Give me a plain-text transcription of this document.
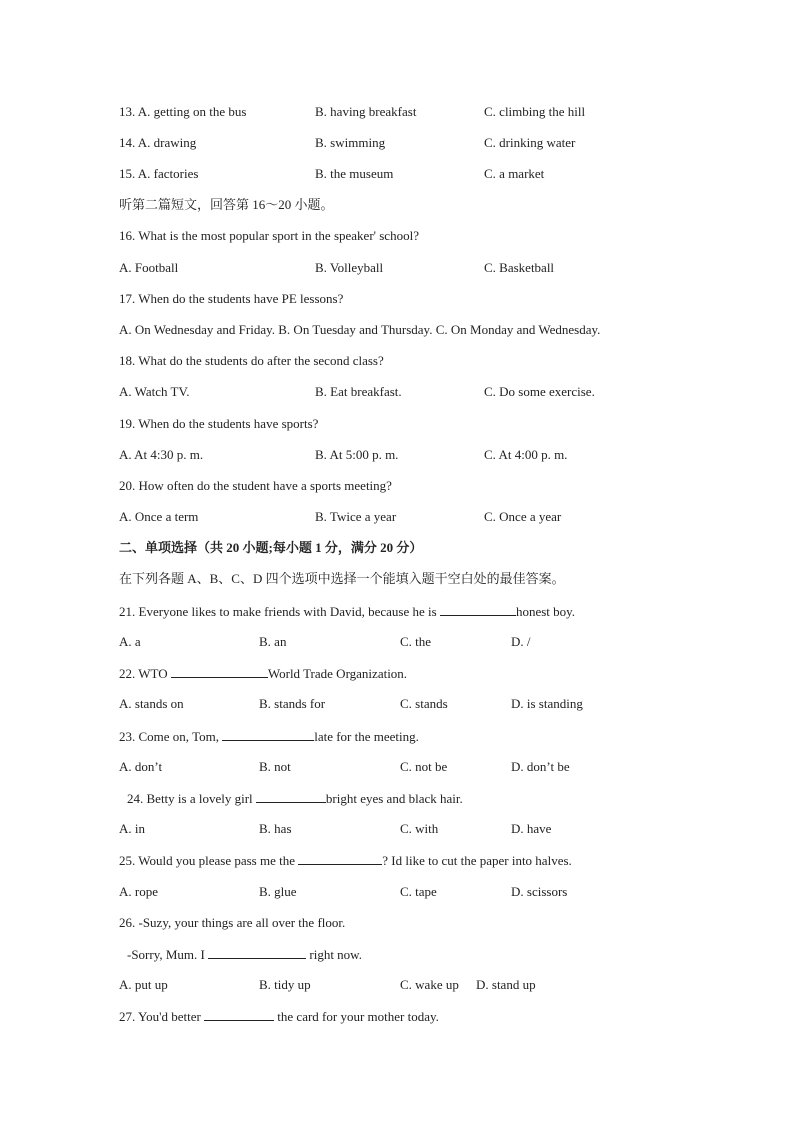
13. A. getting on the bus	B. having breakfast	C. climbing the hill
14. A. drawing	B. swimming	C. drinking water
15. A. factories	B. the museum	C. a market
听第二篇短文，回答第 16～20 小题。
16. What is the most popular sport in the speaker' school?
A. Football	B. Volleyball	C. Basketball
17. When do the students have PE lessons?
A. On Wednesday and Friday. B. On Tuesday and Thursday. C. On Monday and Wednesday.
18. What do the students do after the second class?
A. Watch TV.	B. Eat breakfast.	C. Do some exercise.
19. When do the students have sports?
A. At 4:30 p. m.	B. At 5:00 p. m.	C. At 4:00 p. m.
20. How often do the student have a sports meeting?
A. Once a term	B. Twice a year	C. Once a year
二、单项选择（共 20 小题;每小题 1 分，满分 20 分）
在下列各题 A、B、C、D 四个选项中选择一个能填入题干空白处的最佳答案。
21. Everyone likes to make friends with David, because he is	honest boy.
A. a	B. an	C. the	D. /
22. WTO	World Trade Organization.
A. stands on	B. stands for	C. stands	D. is standing
23. Come on, Tom,	late for the meeting.
A. don’t	B. not	C. not be	D. don’t be
24. Betty is a lovely girl	bright eyes and black hair.
A. in	B. has	C. with	D. have
25. Would you please pass me the	? Id like to cut the paper into halves.
A. rope	B. glue	C. tape	D. scissors
26. -Suzy, your things are all over the floor.
-Sorry, Mum. I	right now.
A. put up	B. tidy up	C. wake up D. stand up
27. You'd better	the card for your mother today.
